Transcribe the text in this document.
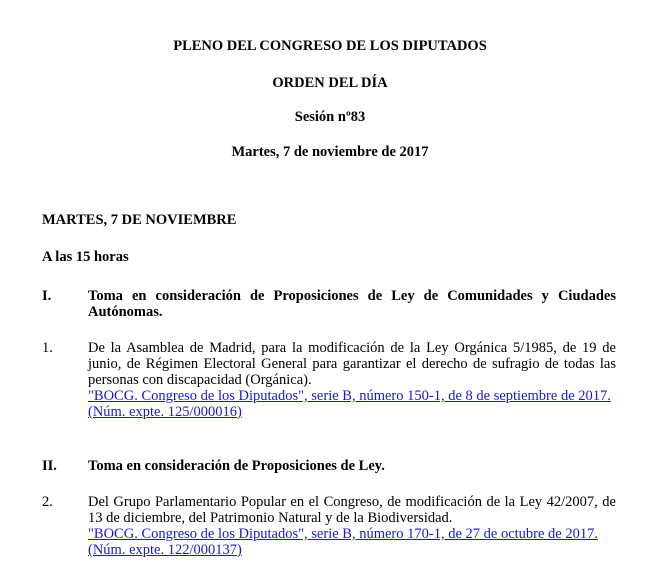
PLENO DEL CONGRESO DE LOS DIPUTADOS
ORDEN DEL DÍA
Sesión nº83
Martes, 7 de noviembre de 2017
MARTES, 7 DE NOVIEMBRE
A las 15 horas
I.	Toma en consideración de Proposiciones de Ley de Comunidades y Ciudades Autónomas.
1. De la Asamblea de Madrid, para la modificación de la Ley Orgánica 5/1985, de 19 de junio, de Régimen Electoral General para garantizar el derecho de sufragio de todas las personas con discapacidad (Orgánica).
"BOCG. Congreso de los Diputados", serie B, número 150-1, de 8 de septiembre de 2017.
(Núm. expte. 125/000016)
II. Toma en consideración de Proposiciones de Ley.
2. Del Grupo Parlamentario Popular en el Congreso, de modificación de la Ley 42/2007, de 13 de diciembre, del Patrimonio Natural y de la Biodiversidad.
"BOCG. Congreso de los Diputados", serie B, número 170-1, de 27 de octubre de 2017.
(Núm. expte. 122/000137)
